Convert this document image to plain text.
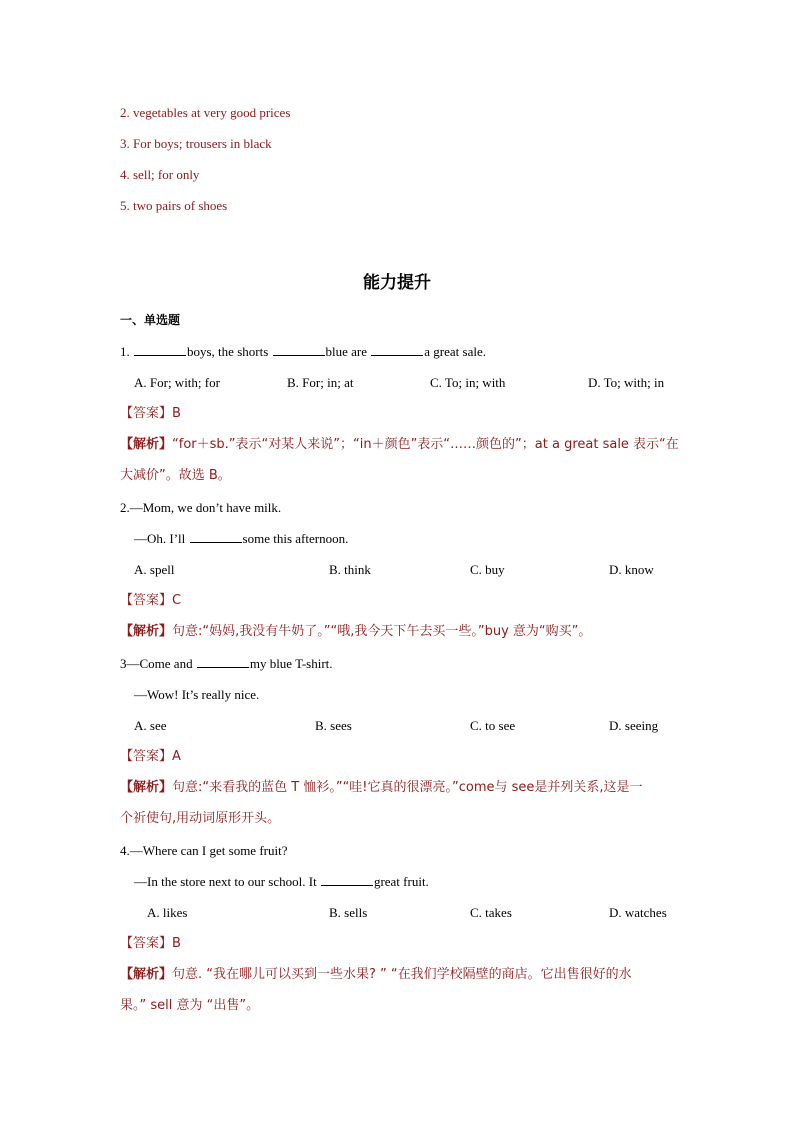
2. vegetables at very good prices
3. For boys; trousers in black
4. sell; for only
5. two pairs of shoes
能力提升
一、单选题
1.	boys, the shorts	blue are	a great sale.
A. For; with; for	B. For; in; at	C. To; in; with	D. To; with; in
【答案】B
【解析】“for＋sb.”表示“对某人来说”；“in＋颜色”表示“……颜色的”；at a great sale 表示“在
大减价”。故选 B。
2.—Mom, we don’t have milk.
—Oh. I’ll	some this afternoon.
A. spell	B. think	C. buy	D. know
【答案】C
【解析】句意:“妈妈,我没有牛奶了。”“哦,我今天下午去买一些。”buy 意为“购买”。
3—Come and	my blue T-shirt.
—Wow! It’s really nice.
A. see	B. sees	C. to see	D. seeing
【答案】A
【解析】句意:“来看我的蓝色 T 恤衫。”“哇!它真的很漂亮。”come与 see是并列关系,这是一
个祈使句,用动词原形开头。
4.—Where can I get some fruit?
—In the store next to our school. It	great fruit.
A. likes	B. sells	C. takes	D. watches
【答案】B
【解析】句意. “我在哪儿可以买到一些水果? ” “在我们学校隔壁的商店。它出售很好的水
果。” sell 意为 “出售”。
